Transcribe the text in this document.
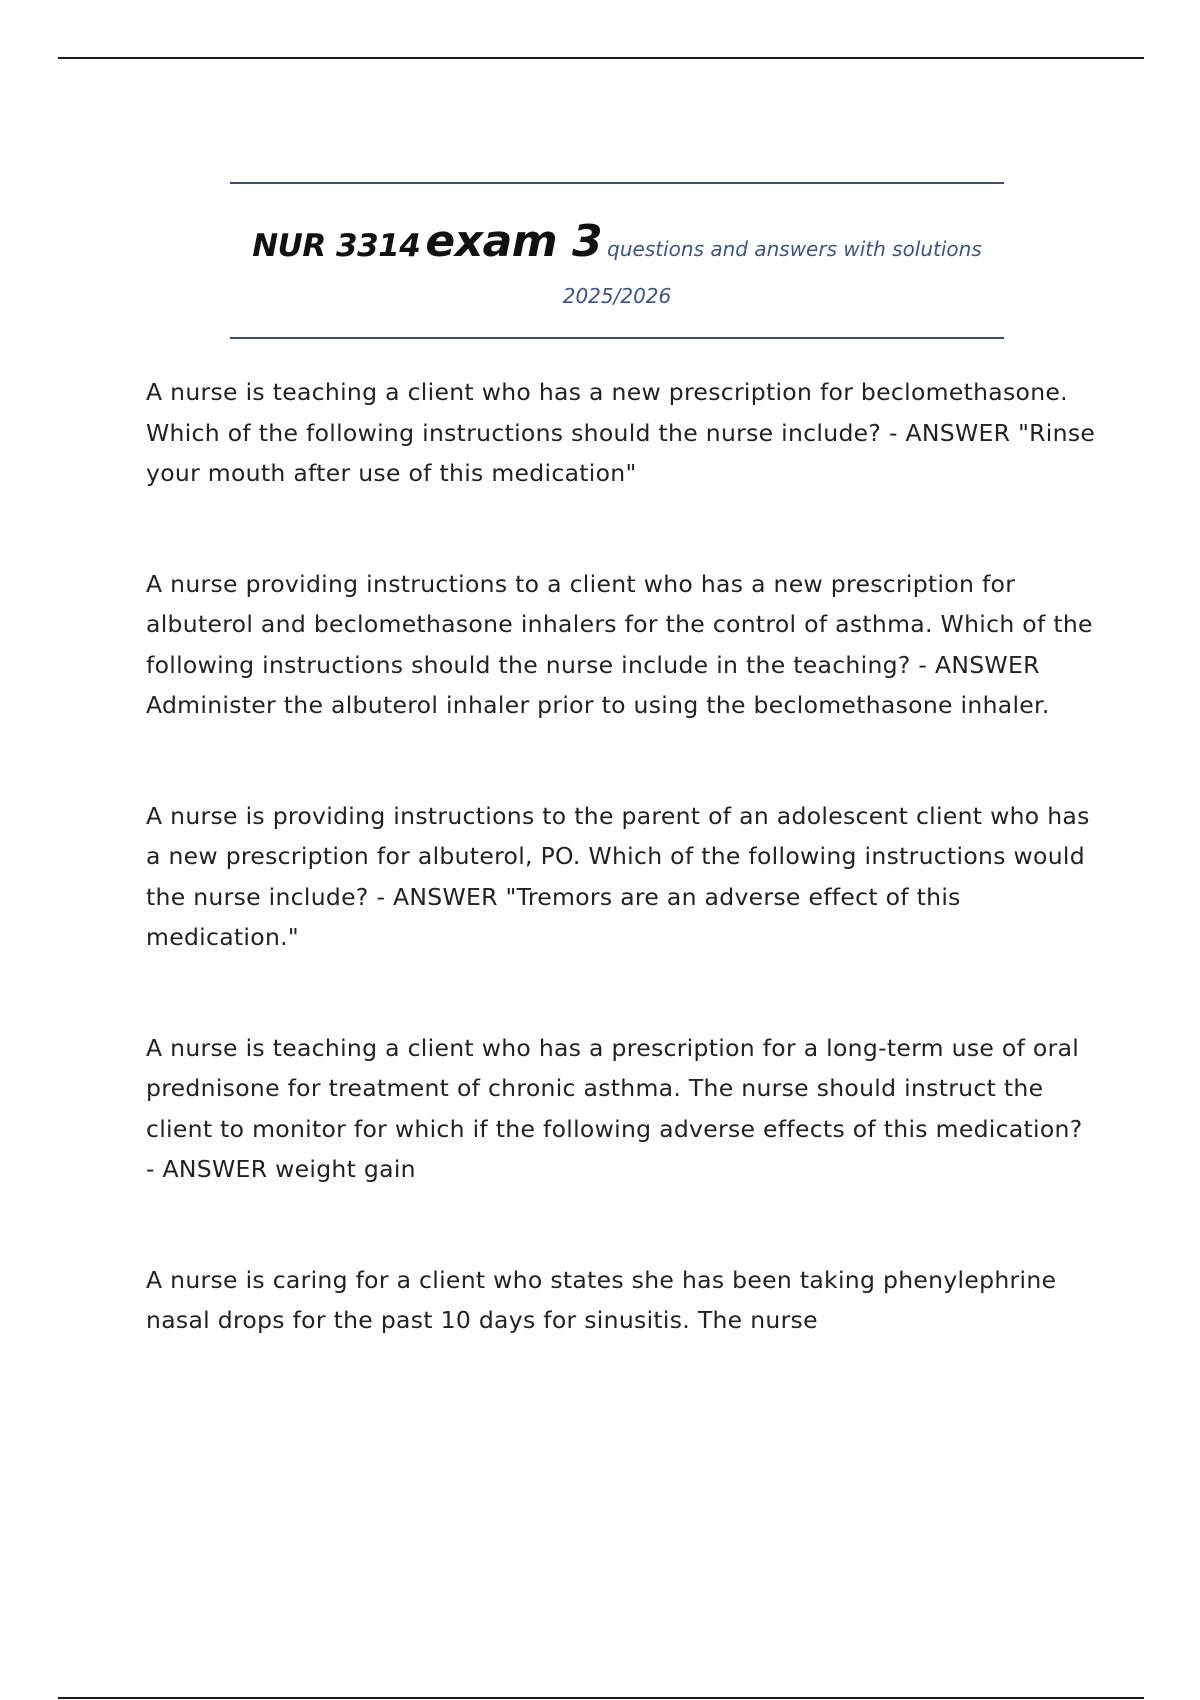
NUR 3314 exam 3 questions and answers with solutions
2025/2026

A nurse is teaching a client who has a new prescription for beclomethasone. Which of the following instructions should the nurse include? - ANSWER "Rinse your mouth after use of this medication"

A nurse providing instructions to a client who has a new prescription for albuterol and beclomethasone inhalers for the control of asthma. Which of the following instructions should the nurse include in the teaching? - ANSWER Administer the albuterol inhaler prior to using the beclomethasone inhaler.

A nurse is providing instructions to the parent of an adolescent client who has a new prescription for albuterol, PO. Which of the following instructions would the nurse include? - ANSWER "Tremors are an adverse effect of this medication."

A nurse is teaching a client who has a prescription for a long-term use of oral prednisone for treatment of chronic asthma. The nurse should instruct the client to monitor for which if the following adverse effects of this medication? - ANSWER weight gain

A nurse is caring for a client who states she has been taking phenylephrine nasal drops for the past 10 days for sinusitis. The nurse
